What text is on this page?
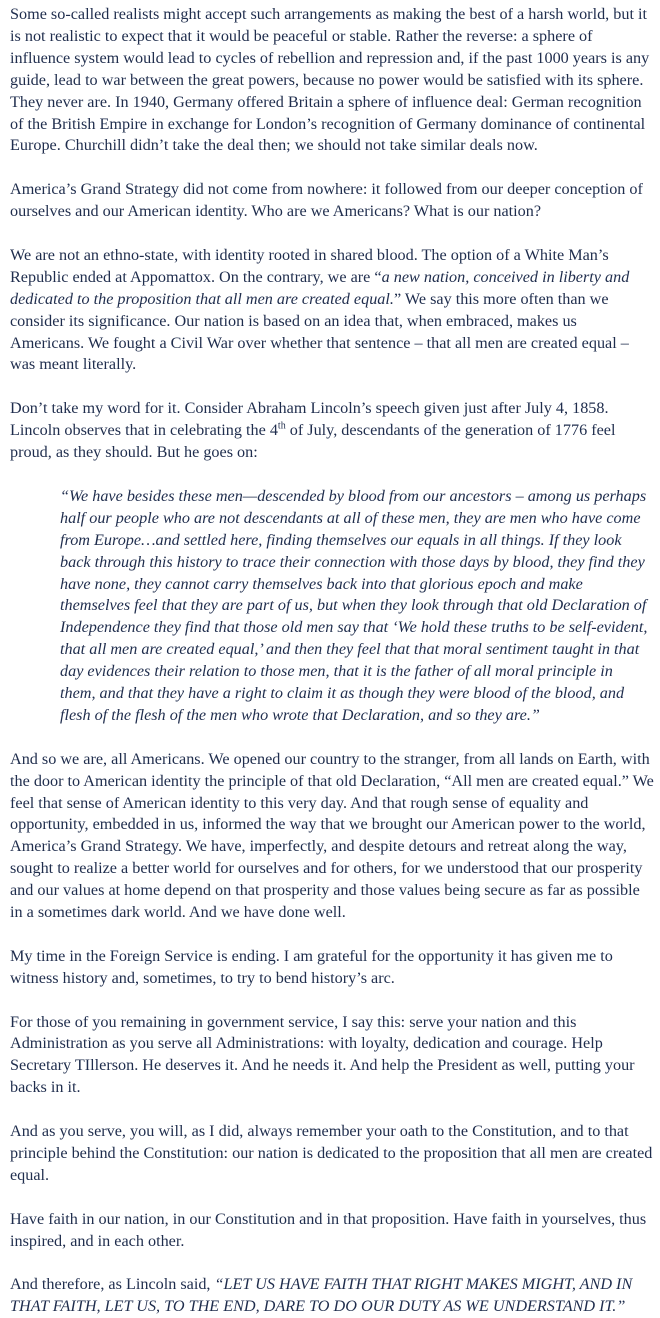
Some so-called realists might accept such arrangements as making the best of a harsh world, but it is not realistic to expect that it would be peaceful or stable. Rather the reverse: a sphere of influence system would lead to cycles of rebellion and repression and, if the past 1000 years is any guide, lead to war between the great powers, because no power would be satisfied with its sphere. They never are. In 1940, Germany offered Britain a sphere of influence deal: German recognition of the British Empire in exchange for London’s recognition of Germany dominance of continental Europe. Churchill didn’t take the deal then; we should not take similar deals now.

America’s Grand Strategy did not come from nowhere: it followed from our deeper conception of ourselves and our American identity. Who are we Americans? What is our nation?

We are not an ethno-state, with identity rooted in shared blood. The option of a White Man’s Republic ended at Appomattox. On the contrary, we are “a new nation, conceived in liberty and dedicated to the proposition that all men are created equal.” We say this more often than we consider its significance. Our nation is based on an idea that, when embraced, makes us Americans. We fought a Civil War over whether that sentence – that all men are created equal – was meant literally.

Don’t take my word for it. Consider Abraham Lincoln’s speech given just after July 4, 1858. Lincoln observes that in celebrating the 4th of July, descendants of the generation of 1776 feel proud, as they should. But he goes on:

“We have besides these men—descended by blood from our ancestors – among us perhaps half our people who are not descendants at all of these men, they are men who have come from Europe…and settled here, finding themselves our equals in all things. If they look back through this history to trace their connection with those days by blood, they find they have none, they cannot carry themselves back into that glorious epoch and make themselves feel that they are part of us, but when they look through that old Declaration of Independence they find that those old men say that ‘We hold these truths to be self-evident, that all men are created equal,’ and then they feel that that moral sentiment taught in that day evidences their relation to those men, that it is the father of all moral principle in them, and that they have a right to claim it as though they were blood of the blood, and flesh of the flesh of the men who wrote that Declaration, and so they are.”

And so we are, all Americans. We opened our country to the stranger, from all lands on Earth, with the door to American identity the principle of that old Declaration, “All men are created equal.” We feel that sense of American identity to this very day. And that rough sense of equality and opportunity, embedded in us, informed the way that we brought our American power to the world, America’s Grand Strategy. We have, imperfectly, and despite detours and retreat along the way, sought to realize a better world for ourselves and for others, for we understood that our prosperity and our values at home depend on that prosperity and those values being secure as far as possible in a sometimes dark world. And we have done well.

My time in the Foreign Service is ending. I am grateful for the opportunity it has given me to witness history and, sometimes, to try to bend history’s arc.

For those of you remaining in government service, I say this: serve your nation and this Administration as you serve all Administrations: with loyalty, dedication and courage. Help Secretary TIllerson. He deserves it. And he needs it. And help the President as well, putting your backs in it.

And as you serve, you will, as I did, always remember your oath to the Constitution, and to that principle behind the Constitution: our nation is dedicated to the proposition that all men are created equal.

Have faith in our nation, in our Constitution and in that proposition. Have faith in yourselves, thus inspired, and in each other.

And therefore, as Lincoln said, “LET US HAVE FAITH THAT RIGHT MAKES MIGHT, AND IN THAT FAITH, LET US, TO THE END, DARE TO DO OUR DUTY AS WE UNDERSTAND IT.”
